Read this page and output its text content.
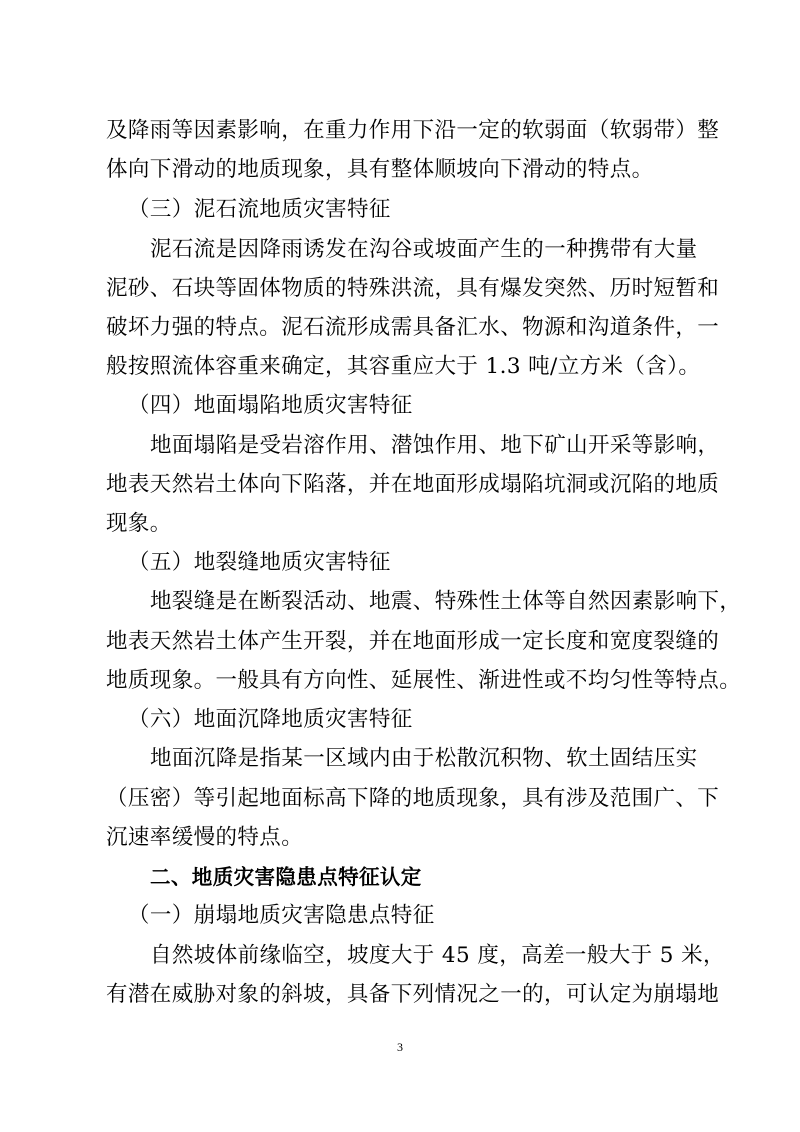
及降雨等因素影响，在重力作用下沿一定的软弱面（软弱带）整
体向下滑动的地质现象，具有整体顺坡向下滑动的特点。
（三）泥石流地质灾害特征
泥石流是因降雨诱发在沟谷或坡面产生的一种携带有大量
泥砂、石块等固体物质的特殊洪流，具有爆发突然、历时短暂和
破坏力强的特点。泥石流形成需具备汇水、物源和沟道条件，一
般按照流体容重来确定，其容重应大于 1.3 吨/立方米（含）。
（四）地面塌陷地质灾害特征
地面塌陷是受岩溶作用、潜蚀作用、地下矿山开采等影响，
地表天然岩土体向下陷落，并在地面形成塌陷坑洞或沉陷的地质
现象。
（五）地裂缝地质灾害特征
地裂缝是在断裂活动、地震、特殊性土体等自然因素影响下，
地表天然岩土体产生开裂，并在地面形成一定长度和宽度裂缝的
地质现象。一般具有方向性、延展性、渐进性或不均匀性等特点。
（六）地面沉降地质灾害特征
地面沉降是指某一区域内由于松散沉积物、软土固结压实
（压密）等引起地面标高下降的地质现象，具有涉及范围广、下
沉速率缓慢的特点。
二、地质灾害隐患点特征认定
（一）崩塌地质灾害隐患点特征
自然坡体前缘临空，坡度大于 45 度，高差一般大于 5 米，
有潜在威胁对象的斜坡，具备下列情况之一的，可认定为崩塌地
3
